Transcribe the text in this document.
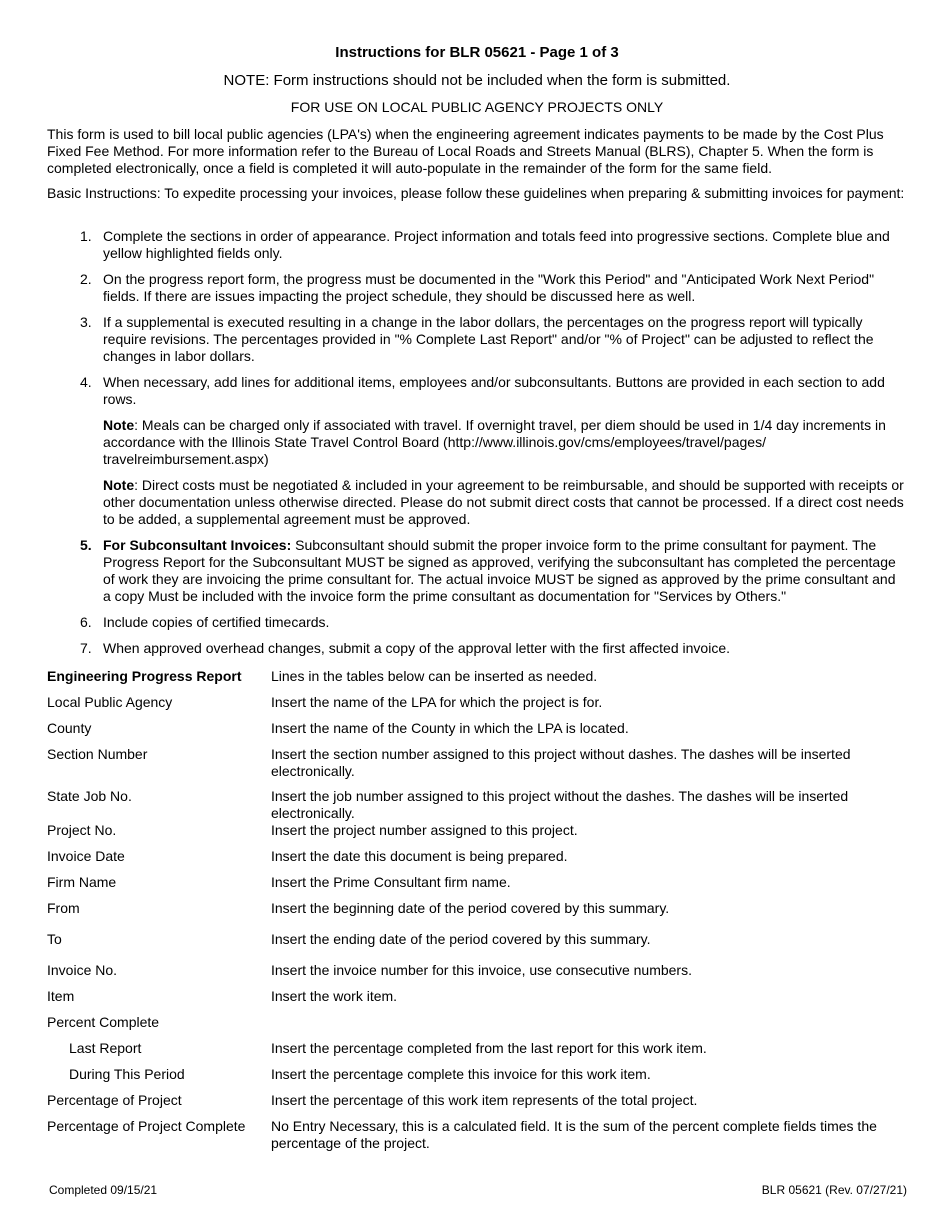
Instructions for BLR 05621 - Page 1 of 3
NOTE: Form instructions should not be included when the form is submitted.
FOR USE ON LOCAL PUBLIC AGENCY PROJECTS ONLY
This form is used to bill local public agencies (LPA's) when the engineering agreement indicates payments to be made by the Cost Plus Fixed Fee Method. For more information refer to the Bureau of Local Roads and Streets Manual (BLRS), Chapter 5. When the form is completed electronically, once a field is completed it will auto-populate in the remainder of the form for the same field.
Basic Instructions: To expedite processing your invoices, please follow these guidelines when preparing & submitting invoices for payment:
1. Complete the sections in order of appearance. Project information and totals feed into progressive sections. Complete blue and yellow highlighted fields only.
2. On the progress report form, the progress must be documented in the "Work this Period" and "Anticipated Work Next Period" fields. If there are issues impacting the project schedule, they should be discussed here as well.
3. If a supplemental is executed resulting in a change in the labor dollars, the percentages on the progress report will typically require revisions. The percentages provided in "% Complete Last Report" and/or "% of Project" can be adjusted to reflect the changes in labor dollars.
4. When necessary, add lines for additional items, employees and/or subconsultants. Buttons are provided in each section to add rows.
Note: Meals can be charged only if associated with travel. If overnight travel, per diem should be used in 1/4 day increments in accordance with the Illinois State Travel Control Board (http://www.illinois.gov/cms/employees/travel/pages/ travelreimbursement.aspx)
Note: Direct costs must be negotiated & included in your agreement to be reimbursable, and should be supported with receipts or other documentation unless otherwise directed. Please do not submit direct costs that cannot be processed. If a direct cost needs to be added, a supplemental agreement must be approved.
5. For Subconsultant Invoices: Subconsultant should submit the proper invoice form to the prime consultant for payment. The Progress Report for the Subconsultant MUST be signed as approved, verifying the subconsultant has completed the percentage of work they are invoicing the prime consultant for. The actual invoice MUST be signed as approved by the prime consultant and a copy Must be included with the invoice form the prime consultant as documentation for "Services by Others."
6. Include copies of certified timecards.
7. When approved overhead changes, submit a copy of the approval letter with the first affected invoice.
Engineering Progress Report	Lines in the tables below can be inserted as needed.
Local Public Agency	Insert the name of the LPA for which the project is for.
County	Insert the name of the County in which the LPA is located.
Section Number	Insert the section number assigned to this project without dashes. The dashes will be inserted electronically.
State Job No.	Insert the job number assigned to this project without the dashes. The dashes will be inserted electronically.
Project No.	Insert the project number assigned to this project.
Invoice Date	Insert the date this document is being prepared.
Firm Name	Insert the Prime Consultant firm name.
From	Insert the beginning date of the period covered by this summary.
To	Insert the ending date of the period covered by this summary.
Invoice No.	Insert the invoice number for this invoice, use consecutive numbers.
Item	Insert the work item.
Percent Complete	
Last Report	Insert the percentage completed from the last report for this work item.
During This Period	Insert the percentage complete this invoice for this work item.
Percentage of Project	Insert the percentage of this work item represents of the total project.
Percentage of Project Complete	No Entry Necessary, this is a calculated field. It is the sum of the percent complete fields times the percentage of the project.
Completed 09/15/21	BLR 05621 (Rev. 07/27/21)
